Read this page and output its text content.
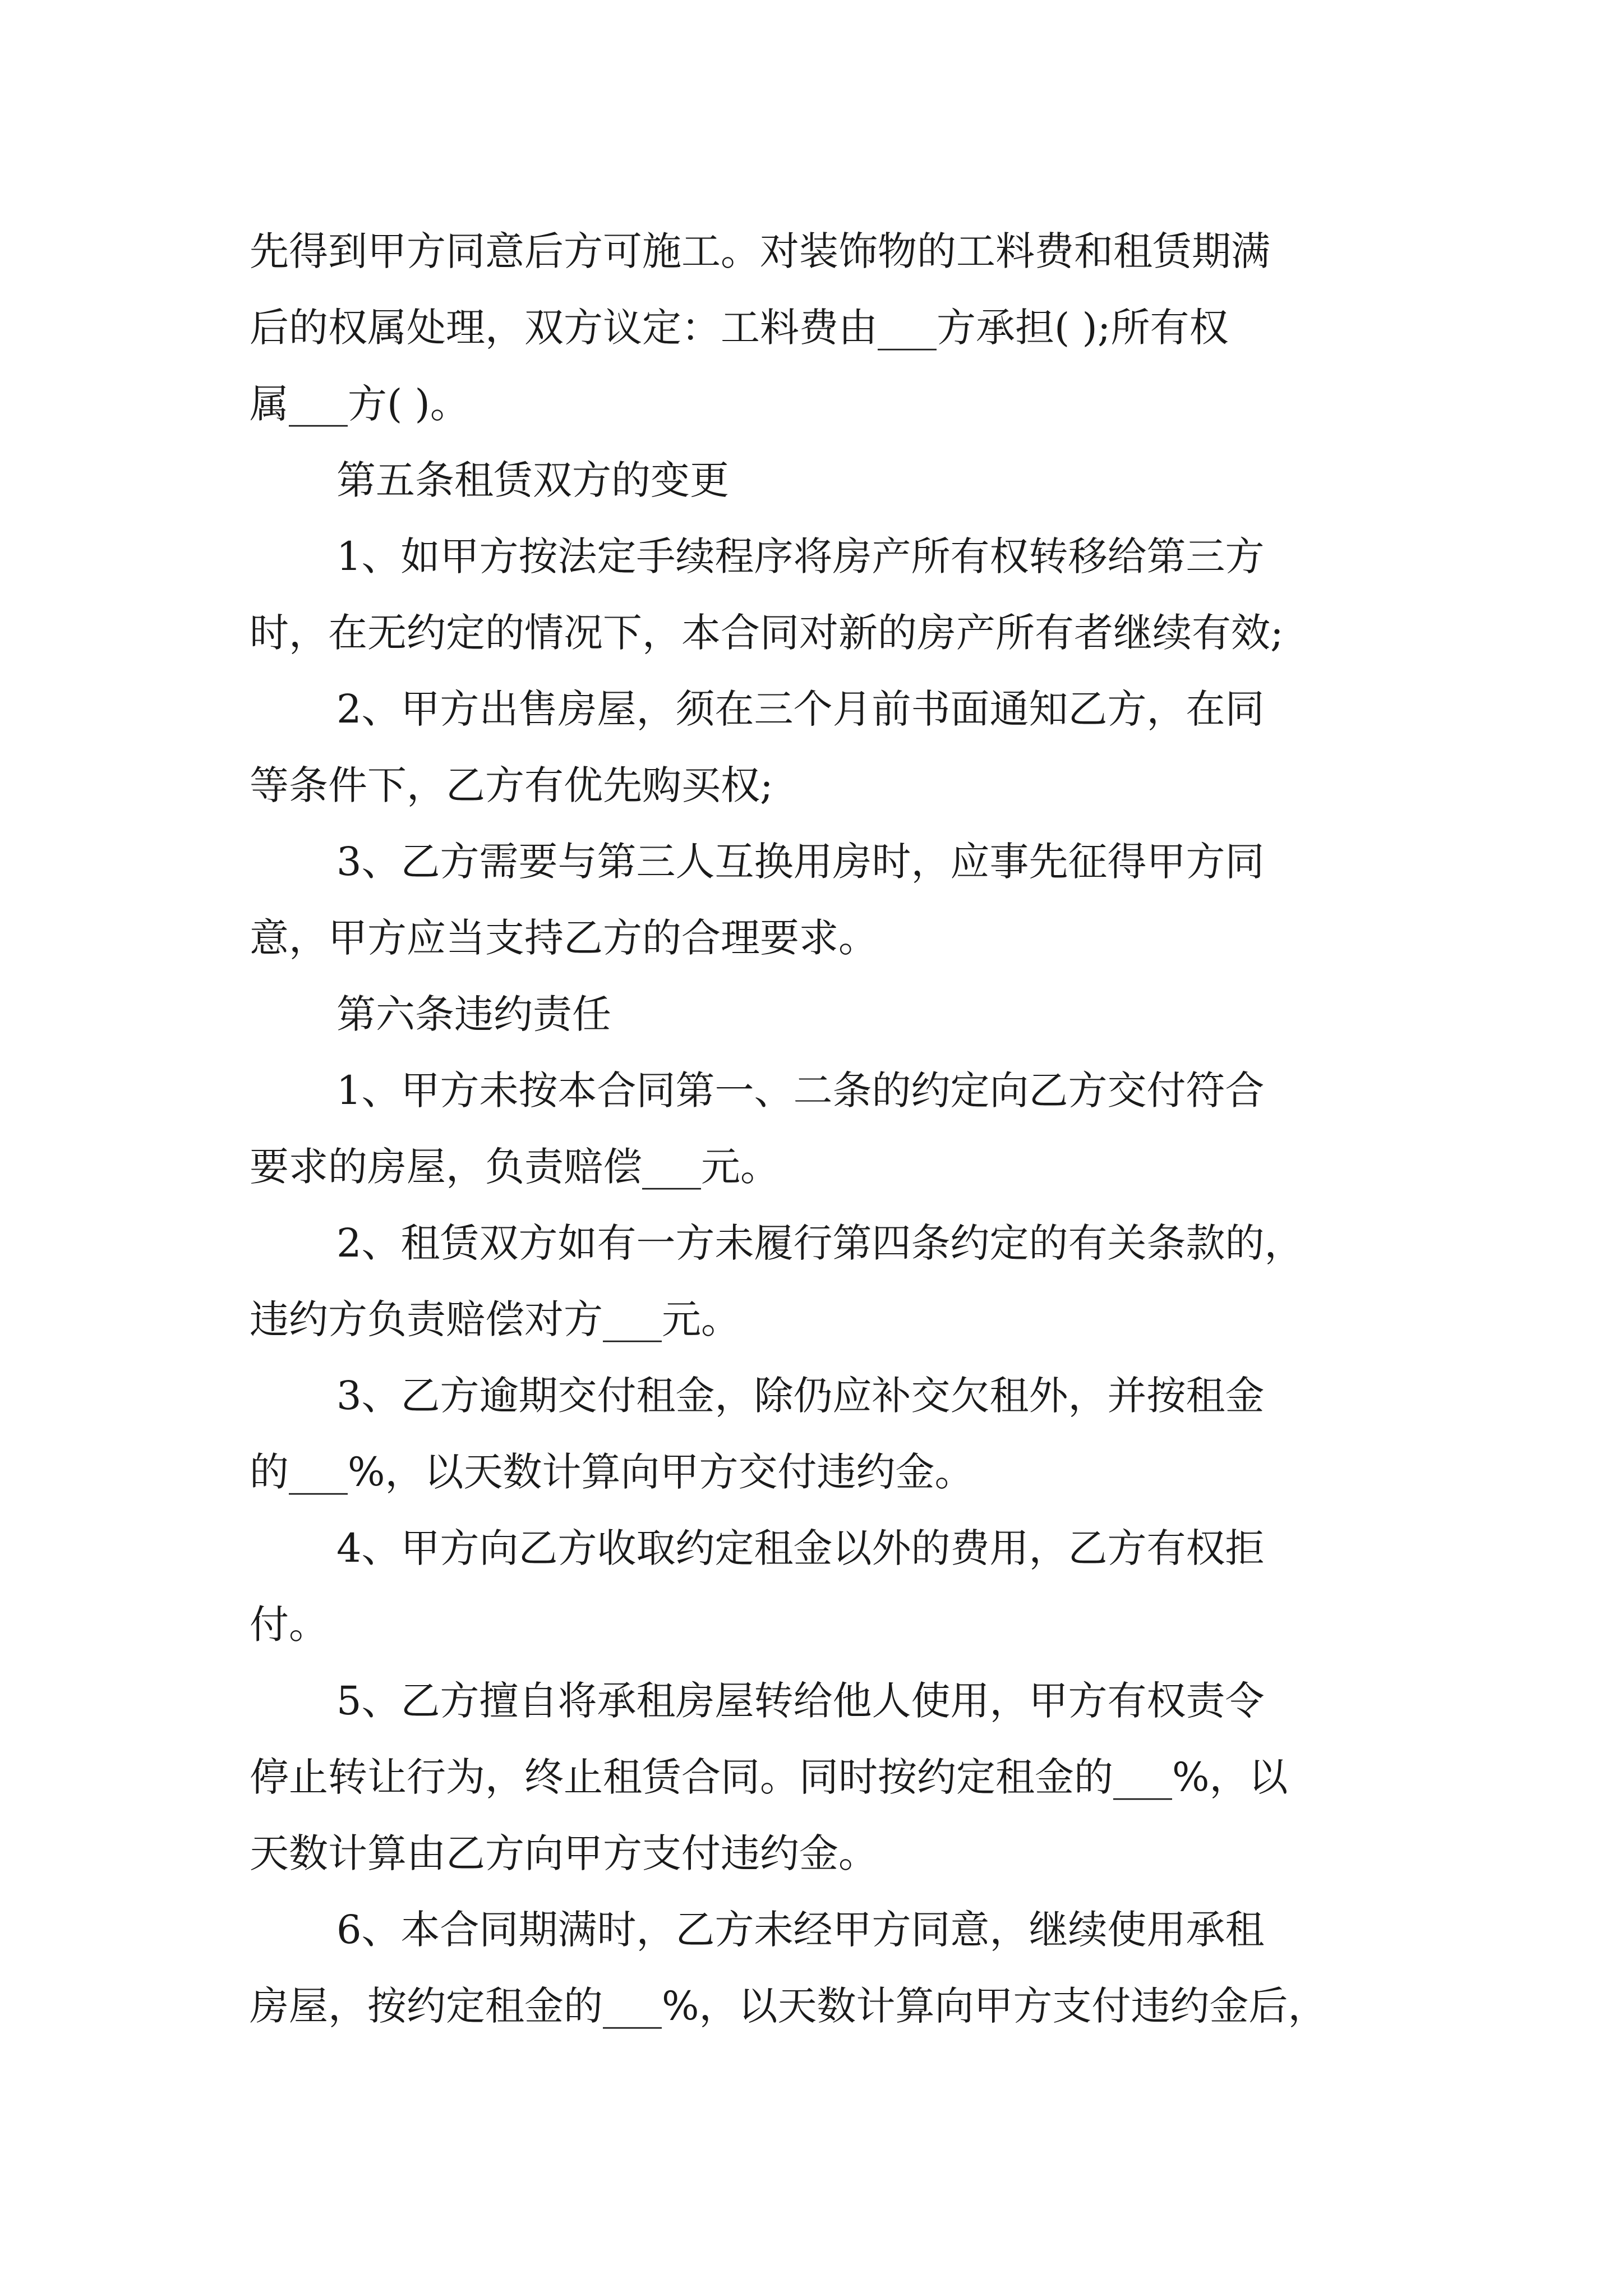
先得到甲方同意后方可施工。对装饰物的工料费和租赁期满
后的权属处理，双方议定：工料费由___方承担( );所有权
属___方( )。
第五条租赁双方的变更
1、如甲方按法定手续程序将房产所有权转移给第三方
时，在无约定的情况下，本合同对新的房产所有者继续有效;
2、甲方出售房屋，须在三个月前书面通知乙方，在同
等条件下，乙方有优先购买权;
3、乙方需要与第三人互换用房时，应事先征得甲方同
意，甲方应当支持乙方的合理要求。
第六条违约责任
1、甲方未按本合同第一、二条的约定向乙方交付符合
要求的房屋，负责赔偿___元。
2、租赁双方如有一方未履行第四条约定的有关条款的，
违约方负责赔偿对方___元。
3、乙方逾期交付租金，除仍应补交欠租外，并按租金
的___%，以天数计算向甲方交付违约金。
4、甲方向乙方收取约定租金以外的费用，乙方有权拒
付。
5、乙方擅自将承租房屋转给他人使用，甲方有权责令
停止转让行为，终止租赁合同。同时按约定租金的___%，以
天数计算由乙方向甲方支付违约金。
6、本合同期满时，乙方未经甲方同意，继续使用承租
房屋，按约定租金的___%，以天数计算向甲方支付违约金后，
